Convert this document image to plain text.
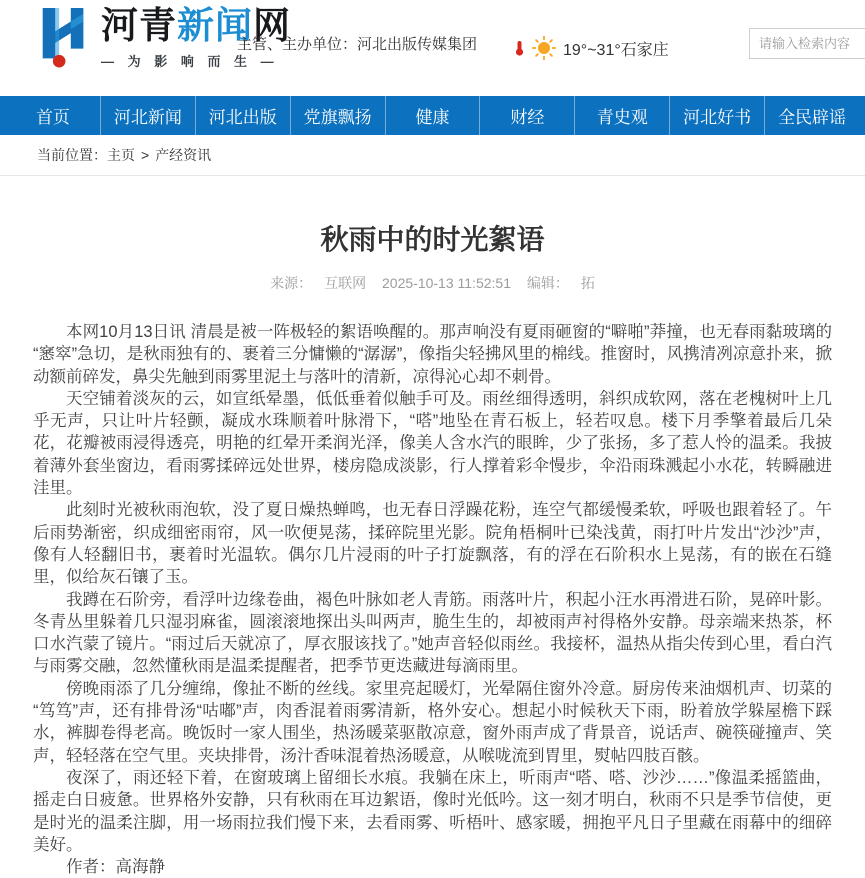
河青新闻网
— 为 影 响 而 生 —
主管、主办单位：河北出版传媒集团	19°~31°石家庄
请输入检索内容
首页	河北新闻	河北出版	党旗飘扬	健康	财经	青史观	河北好书	全民辟谣
当前位置：主页 > 产经资讯
秋雨中的时光絮语
来源： 互联网 2025-10-13 11:52:51 编辑： 拓

本网10月13日讯 清晨是被一阵极轻的絮语唤醒的。那声响没有夏雨砸窗的“噼啪”莽撞，也无春雨黏玻璃的“窸窣”急切，是秋雨独有的、裹着三分慵懒的“潺潺”，像指尖轻拂风里的棉线。推窗时，风携清冽凉意扑来，掀动额前碎发，鼻尖先触到雨雾里泥土与落叶的清新，凉得沁心却不刺骨。

天空铺着淡灰的云，如宣纸晕墨，低低垂着似触手可及。雨丝细得透明，斜织成软网，落在老槐树叶上几乎无声，只让叶片轻颤，凝成水珠顺着叶脉滑下，“嗒”地坠在青石板上，轻若叹息。楼下月季擎着最后几朵花，花瓣被雨浸得透亮，明艳的红晕开柔润光泽，像美人含水汽的眼眸，少了张扬，多了惹人怜的温柔。我披着薄外套坐窗边，看雨雾揉碎远处世界，楼房隐成淡影，行人撑着彩伞慢步，伞沿雨珠溅起小水花，转瞬融进洼里。

此刻时光被秋雨泡软，没了夏日燥热蝉鸣，也无春日浮躁花粉，连空气都缓慢柔软，呼吸也跟着轻了。午后雨势渐密，织成细密雨帘，风一吹便晃荡，揉碎院里光影。院角梧桐叶已染浅黄，雨打叶片发出“沙沙”声，像有人轻翻旧书，裹着时光温软。偶尔几片浸雨的叶子打旋飘落，有的浮在石阶积水上晃荡，有的嵌在石缝里，似给灰石镶了玉。

我蹲在石阶旁，看浮叶边缘卷曲，褐色叶脉如老人青筋。雨落叶片，积起小汪水再滑进石阶，晃碎叶影。冬青丛里躲着几只湿羽麻雀，圆滚滚地探出头叫两声，脆生生的，却被雨声衬得格外安静。母亲端来热茶，杯口水汽蒙了镜片。“雨过后天就凉了，厚衣服该找了。”她声音轻似雨丝。我接杯，温热从指尖传到心里，看白汽与雨雾交融，忽然懂秋雨是温柔提醒者，把季节更迭藏进每滴雨里。

傍晚雨添了几分缠绵，像扯不断的丝线。家里亮起暖灯，光晕隔住窗外冷意。厨房传来油烟机声、切菜的“笃笃”声，还有排骨汤“咕嘟”声，肉香混着雨雾清新，格外安心。想起小时候秋天下雨，盼着放学躲屋檐下踩水，裤脚卷得老高。晚饭时一家人围坐，热汤暖菜驱散凉意，窗外雨声成了背景音，说话声、碗筷碰撞声、笑声，轻轻落在空气里。夹块排骨，汤汁香味混着热汤暖意，从喉咙流到胃里，熨帖四肢百骸。

夜深了，雨还轻下着，在窗玻璃上留细长水痕。我躺在床上，听雨声“嗒、嗒、沙沙……”像温柔摇篮曲，摇走白日疲惫。世界格外安静，只有秋雨在耳边絮语，像时光低吟。这一刻才明白，秋雨不只是季节信使，更是时光的温柔注脚，用一场雨拉我们慢下来，去看雨雾、听梧叶、感家暖，拥抱平凡日子里藏在雨幕中的细碎美好。

作者：高海静
